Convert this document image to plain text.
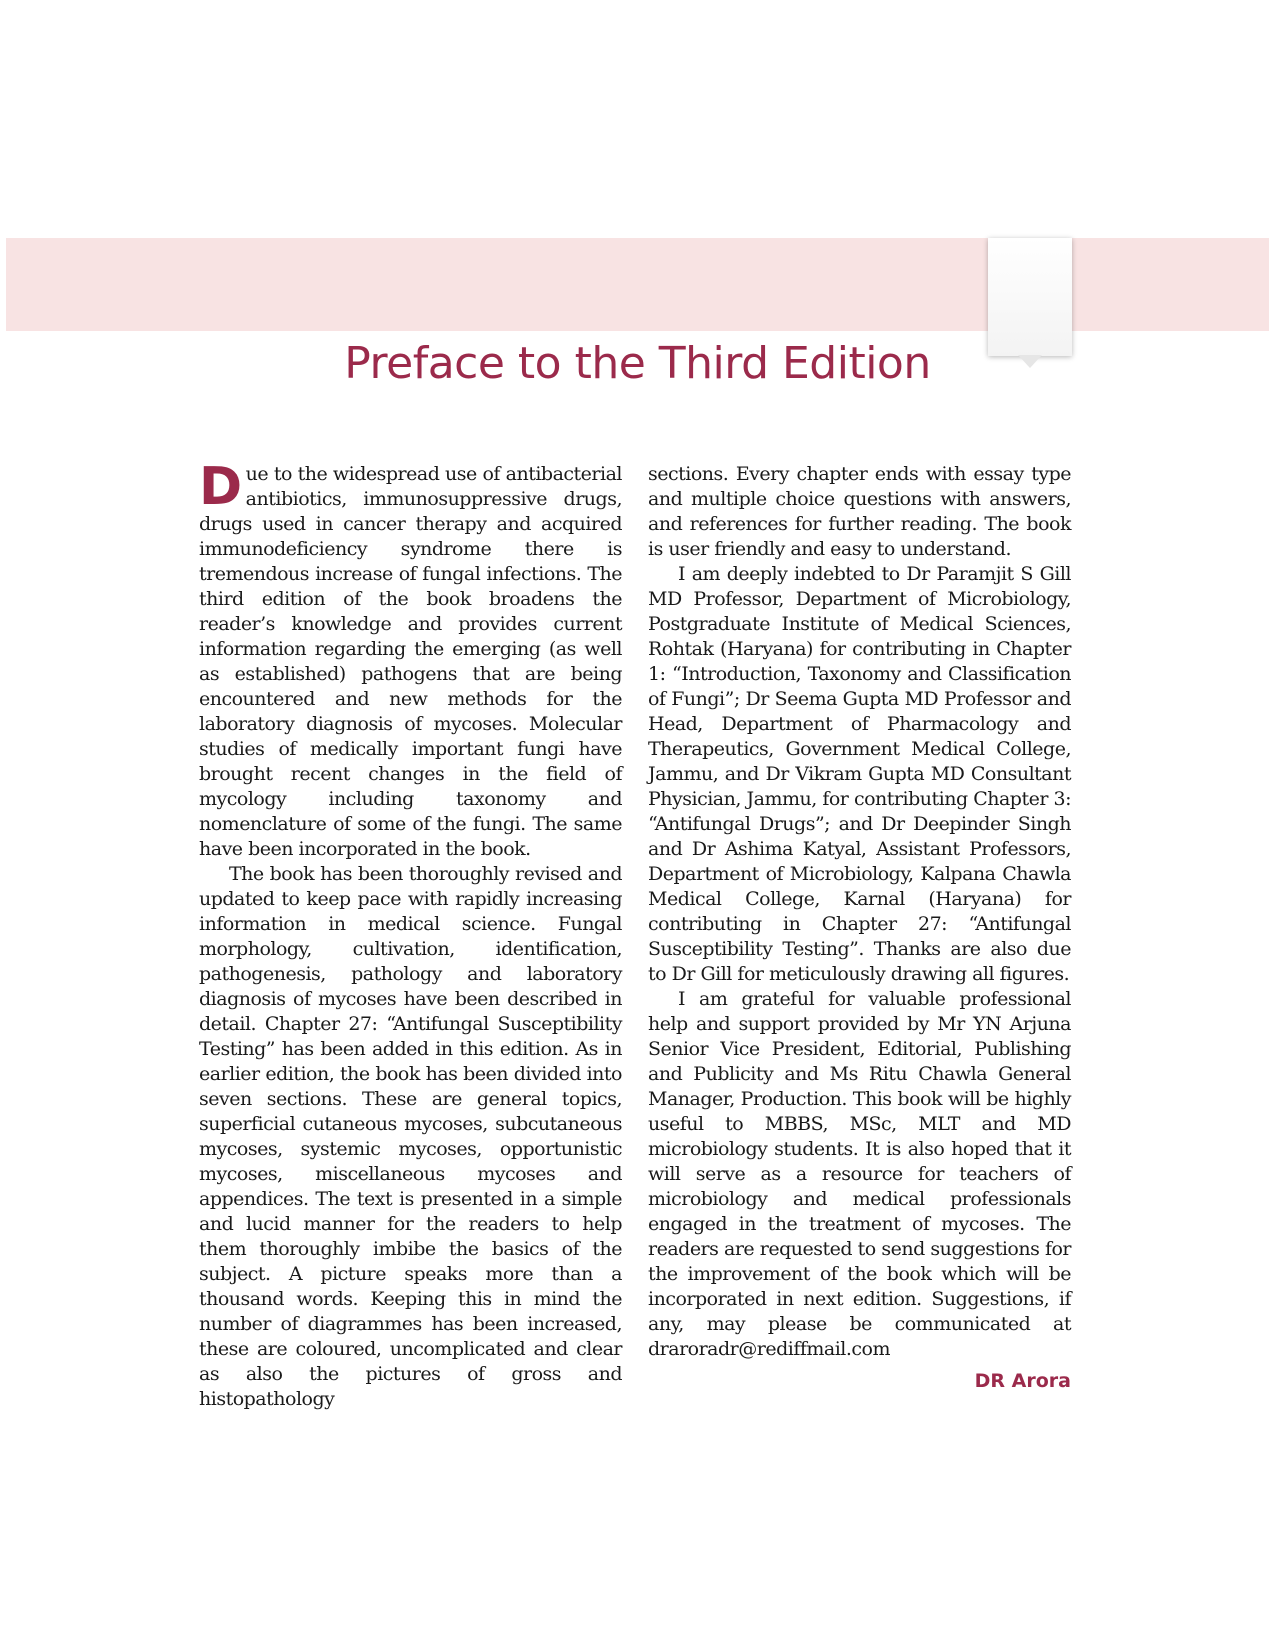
Preface to the Third Edition

Due to the widespread use of antibacterial antibiotics, immunosuppressive drugs, drugs used in cancer therapy and acquired immunodeficiency syndrome there is tremendous increase of fungal infections. The third edition of the book broadens the reader’s knowledge and provides current information regarding the emerging (as well as established) pathogens that are being encountered and new methods for the laboratory diagnosis of mycoses. Molecular studies of medically important fungi have brought recent changes in the field of mycology including taxonomy and nomenclature of some of the fungi. The same have been incorporated in the book.

The book has been thoroughly revised and updated to keep pace with rapidly increasing information in medical science. Fungal morphology, cultivation, identification, pathogenesis, pathology and laboratory diagnosis of mycoses have been described in detail. Chapter 27: “Antifungal Susceptibility Testing” has been added in this edition. As in earlier edition, the book has been divided into seven sections. These are general topics, superficial cutaneous mycoses, subcutaneous mycoses, systemic mycoses, opportunistic mycoses, miscellaneous mycoses and appendices. The text is presented in a simple and lucid manner for the readers to help them thoroughly imbibe the basics of the subject. A picture speaks more than a thousand words. Keeping this in mind the number of diagrammes has been increased, these are coloured, uncomplicated and clear as also the pictures of gross and histopathology

sections. Every chapter ends with essay type and multiple choice questions with answers, and references for further reading. The book is user friendly and easy to understand.

I am deeply indebted to Dr Paramjit S Gill MD Professor, Department of Microbiology, Postgraduate Institute of Medical Sciences, Rohtak (Haryana) for contributing in Chapter 1: “Introduction, Taxonomy and Classification of Fungi”; Dr Seema Gupta MD Professor and Head, Department of Pharmacology and Therapeutics, Government Medical College, Jammu, and Dr Vikram Gupta MD Consultant Physician, Jammu, for contributing Chapter 3: “Antifungal Drugs”; and Dr Deepinder Singh and Dr Ashima Katyal, Assistant Professors, Department of Microbiology, Kalpana Chawla Medical College, Karnal (Haryana) for contributing in Chapter 27: “Antifungal Susceptibility Testing”. Thanks are also due to Dr Gill for meticulously drawing all figures.

I am grateful for valuable professional help and support provided by Mr YN Arjuna Senior Vice President, Editorial, Publishing and Publicity and Ms Ritu Chawla General Manager, Production. This book will be highly useful to MBBS, MSc, MLT and MD microbiology students. It is also hoped that it will serve as a resource for teachers of microbiology and medical professionals engaged in the treatment of mycoses. The readers are requested to send suggestions for the improvement of the book which will be incorporated in next edition. Suggestions, if any, may please be communicated at draroradr@rediffmail.com

DR Arora
